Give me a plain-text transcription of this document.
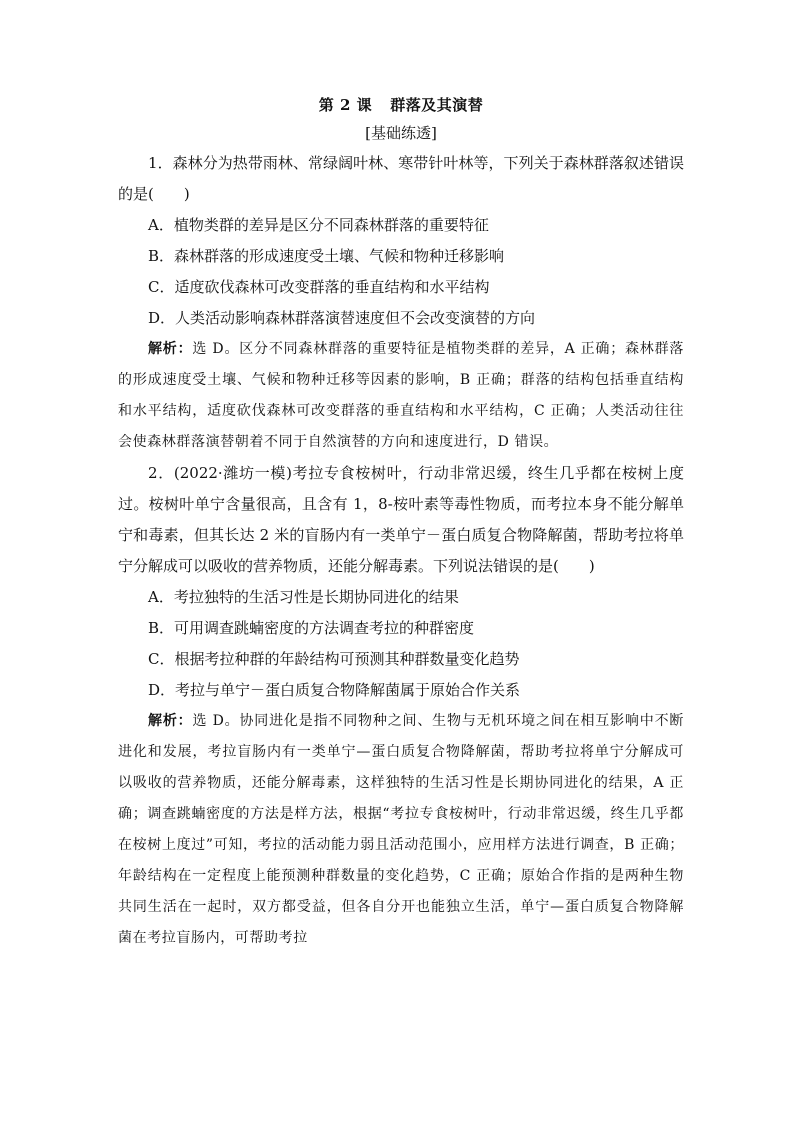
第 2 课 群落及其演替

[基础练透]

1．森林分为热带雨林、常绿阔叶林、寒带针叶林等，下列关于森林群落叙述错误的是(　　)

A．植物类群的差异是区分不同森林群落的重要特征

B．森林群落的形成速度受土壤、气候和物种迁移影响

C．适度砍伐森林可改变群落的垂直结构和水平结构

D．人类活动影响森林群落演替速度但不会改变演替的方向

解析：选 D。区分不同森林群落的重要特征是植物类群的差异，A 正确；森林群落的形成速度受土壤、气候和物种迁移等因素的影响，B 正确；群落的结构包括垂直结构和水平结构，适度砍伐森林可改变群落的垂直结构和水平结构，C 正确；人类活动往往会使森林群落演替朝着不同于自然演替的方向和速度进行，D 错误。

2．(2022·潍坊一模)考拉专食桉树叶，行动非常迟缓，终生几乎都在桉树上度过。桉树叶单宁含量很高，且含有 1，8-桉叶素等毒性物质，而考拉本身不能分解单宁和毒素，但其长达 2 米的盲肠内有一类单宁－蛋白质复合物降解菌，帮助考拉将单宁分解成可以吸收的营养物质，还能分解毒素。下列说法错误的是(　　)

A．考拉独特的生活习性是长期协同进化的结果

B．可用调查跳蝻密度的方法调查考拉的种群密度

C．根据考拉种群的年龄结构可预测其种群数量变化趋势

D．考拉与单宁－蛋白质复合物降解菌属于原始合作关系

解析：选 D。协同进化是指不同物种之间、生物与无机环境之间在相互影响中不断进化和发展，考拉盲肠内有一类单宁—蛋白质复合物降解菌，帮助考拉将单宁分解成可以吸收的营养物质，还能分解毒素，这样独特的生活习性是长期协同进化的结果，A 正确；调查跳蝻密度的方法是样方法，根据“考拉专食桉树叶，行动非常迟缓，终生几乎都在桉树上度过”可知，考拉的活动能力弱且活动范围小，应用样方法进行调查，B 正确；年龄结构在一定程度上能预测种群数量的变化趋势，C 正确；原始合作指的是两种生物共同生活在一起时，双方都受益，但各自分开也能独立生活，单宁—蛋白质复合物降解菌在考拉盲肠内，可帮助考拉
